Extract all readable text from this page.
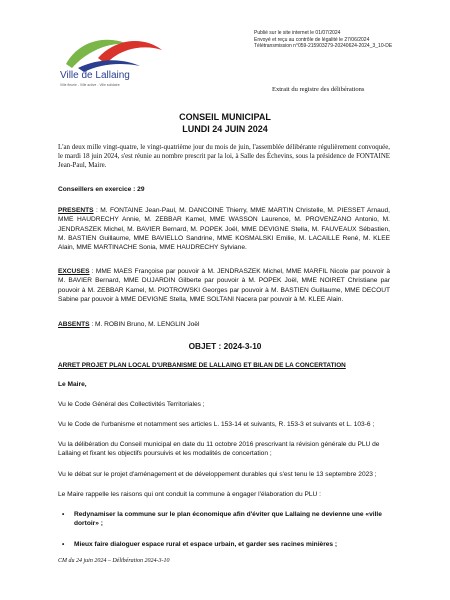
Ville de Lallaing
Ville fleurie - Ville active - Ville solidaire
Publié sur le site internet le 01/07/2024
Envoyé et reçu au contrôle de légalité le 27/06/2024
Télétransmission n°059-215903279-20240624-2024_3_10-DE
Extrait du registre des délibérations
CONSEIL MUNICIPAL
LUNDI 24 JUIN 2024
L'an deux mille vingt-quatre, le vingt-quatrième jour du mois de juin, l'assemblée délibérante régulièrement convoquée, le mardi 18 juin 2024, s'est réunie au nombre prescrit par la loi, à Salle des Échevins, sous la présidence de FONTAINE Jean-Paul, Maire.
Conseillers en exercice : 29
PRESENTS : M. FONTAINE Jean-Paul, M. DANCOINE Thierry, MME MARTIN Christelle, M. PIESSET Arnaud, MME HAUDRECHY Annie, M. ZEBBAR Kamel, MME WASSON Laurence, M. PROVENZANO Antonio, M. JENDRASZEK Michel, M. BAVIER Bernard, M. POPEK Joël, MME DEVIGNE Stella, M. FAUVEAUX Sébastien, M. BASTIEN Guillaume, MME BAVIELLO Sandrine, MME KOSMALSKI Emilie, M. LACAILLE René, M. KLEE Alain, MME MARTINACHE Sonia, MME HAUDRECHY Sylviane.
EXCUSES : MME MAES Françoise par pouvoir à M. JENDRASZEK Michel, MME MARFIL Nicole par pouvoir à M. BAVIER Bernard, MME DUJARDIN Gilberte par pouvoir à M. POPEK Joël, MME NOIRET Christiane par pouvoir à M. ZEBBAR Kamel, M. PIOTROWSKI Georges par pouvoir à M. BASTIEN Guillaume, MME DECOUT Sabine par pouvoir à MME DEVIGNE Stella, MME SOLTANI Nacera par pouvoir à M. KLEE Alain.
ABSENTS : M. ROBIN Bruno, M. LENGLIN Joël
OBJET : 2024-3-10
ARRET PROJET PLAN LOCAL D'URBANISME DE LALLAING ET BILAN DE LA CONCERTATION
Le Maire,
Vu le Code Général des Collectivités Territoriales ;
Vu le Code de l'urbanisme et notamment ses articles L. 153-14 et suivants, R. 153-3 et suivants et L. 103-6 ;
Vu la délibération du Conseil municipal en date du 11 octobre 2016 prescrivant la révision générale du PLU de Lallaing et fixant les objectifs poursuivis et les modalités de concertation ;
Vu le débat sur le projet d'aménagement et de développement durables qui s'est tenu le 13 septembre 2023 ;
Le Maire rappelle les raisons qui ont conduit la commune à engager l'élaboration du PLU :
• Redynamiser la commune sur le plan économique afin d'éviter que Lallaing ne devienne une «ville dortoir» ;
• Mieux faire dialoguer espace rural et espace urbain, et garder ses racines minières ;
CM du 24 juin 2024 – Délibération 2024-3-10
